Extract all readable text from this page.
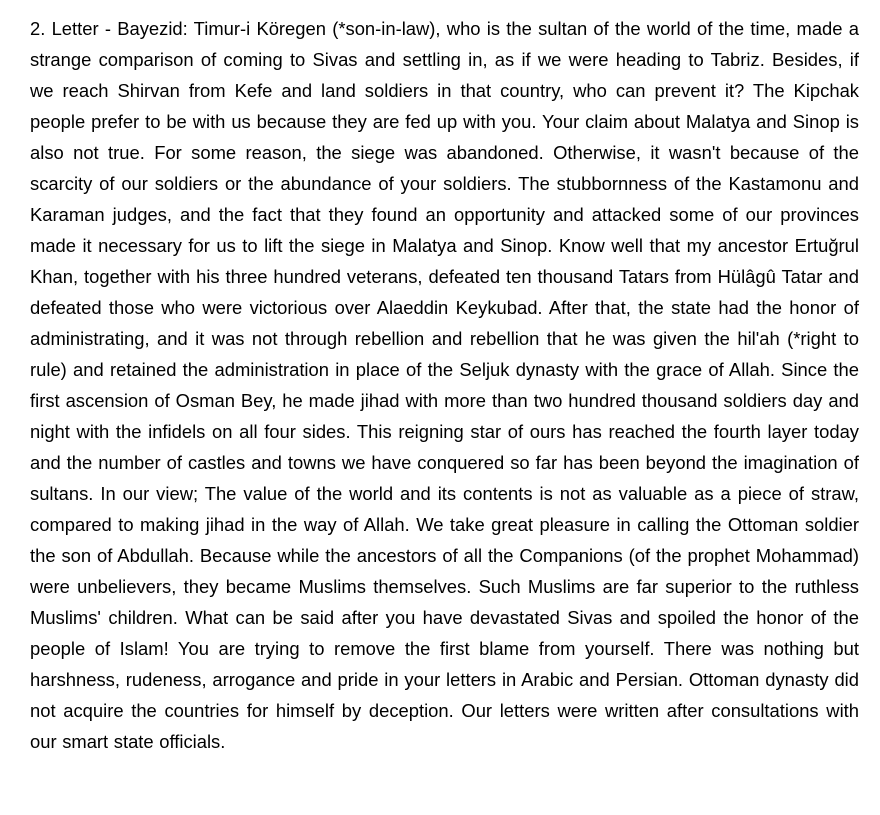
2. Letter - Bayezid: Timur-i Köregen (*son-in-law), who is the sultan of the world of the time, made a strange comparison of coming to Sivas and settling in, as if we were heading to Tabriz. Besides, if we reach Shirvan from Kefe and land soldiers in that country, who can prevent it? The Kipchak people prefer to be with us because they are fed up with you. Your claim about Malatya and Sinop is also not true. For some reason, the siege was abandoned. Otherwise, it wasn't because of the scarcity of our soldiers or the abundance of your soldiers. The stubbornness of the Kastamonu and Karaman judges, and the fact that they found an opportunity and attacked some of our provinces made it necessary for us to lift the siege in Malatya and Sinop. Know well that my ancestor Ertuğrul Khan, together with his three hundred veterans, defeated ten thousand Tatars from Hülâgû Tatar and defeated those who were victorious over Alaeddin Keykubad. After that, the state had the honor of administrating, and it was not through rebellion and rebellion that he was given the hil'ah (*right to rule) and retained the administration in place of the Seljuk dynasty with the grace of Allah. Since the first ascension of Osman Bey, he made jihad with more than two hundred thousand soldiers day and night with the infidels on all four sides. This reigning star of ours has reached the fourth layer today and the number of castles and towns we have conquered so far has been beyond the imagination of sultans. In our view; The value of the world and its contents is not as valuable as a piece of straw, compared to making jihad in the way of Allah. We take great pleasure in calling the Ottoman soldier the son of Abdullah. Because while the ancestors of all the Companions (of the prophet Mohammad) were unbelievers, they became Muslims themselves. Such Muslims are far superior to the ruthless Muslims' children. What can be said after you have devastated Sivas and spoiled the honor of the people of Islam! You are trying to remove the first blame from yourself. There was nothing but harshness, rudeness, arrogance and pride in your letters in Arabic and Persian. Ottoman dynasty did not acquire the countries for himself by deception. Our letters were written after consultations with our smart state officials.
